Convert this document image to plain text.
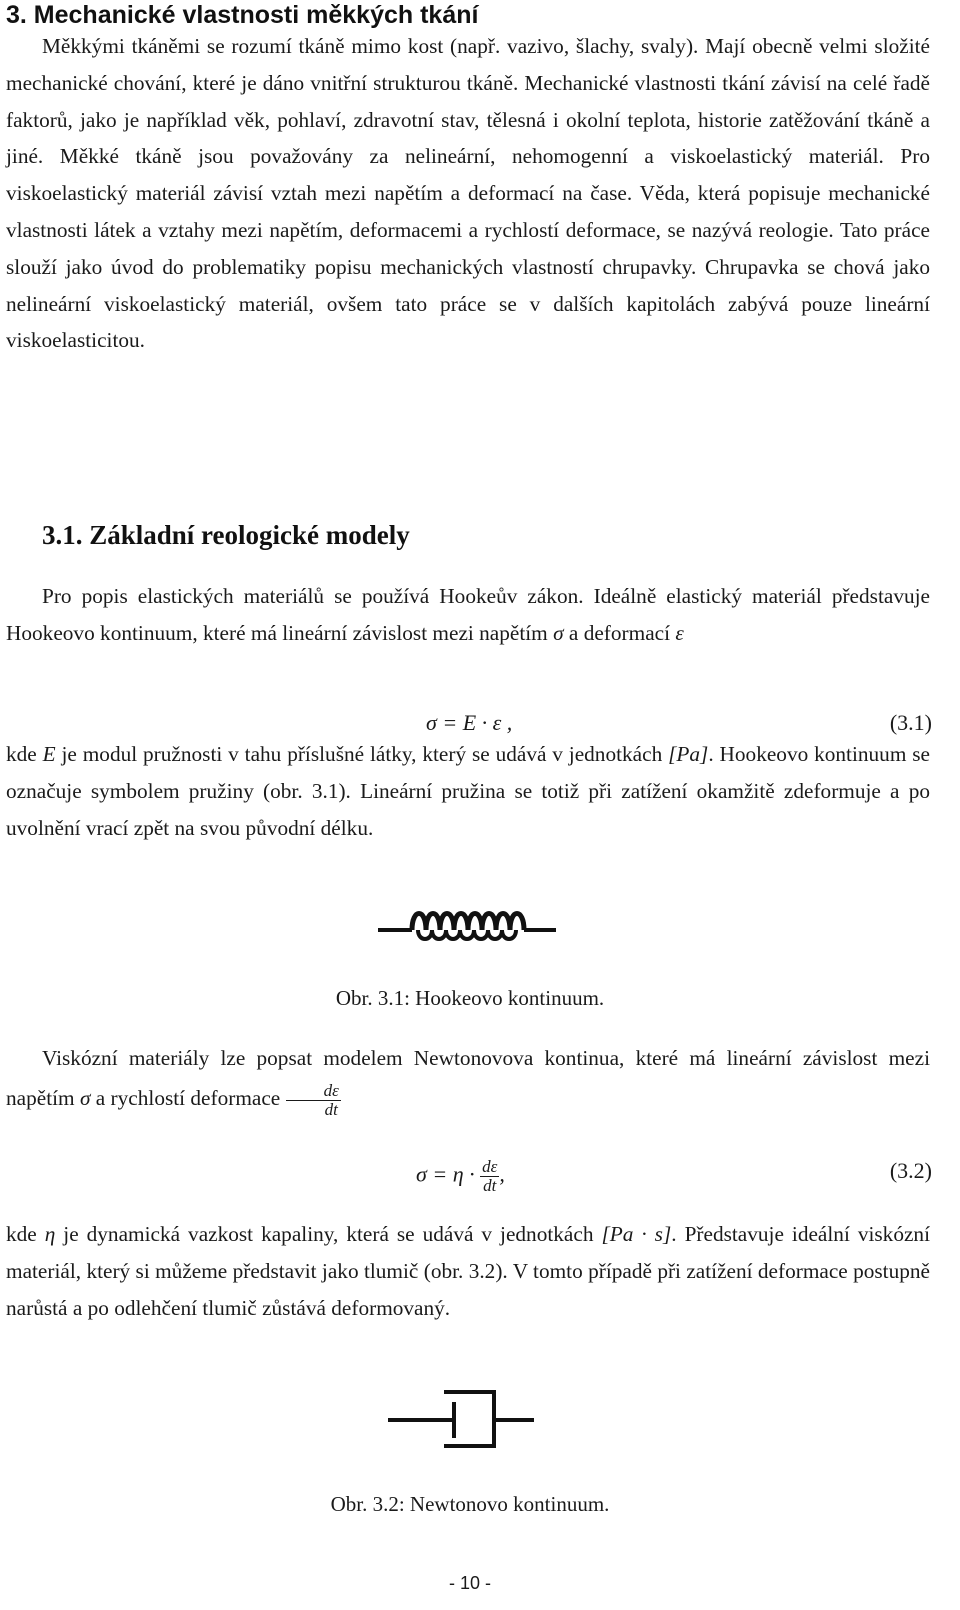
3. Mechanické vlastnosti měkkých tkání

Měkkými tkáněmi se rozumí tkáně mimo kost (např. vazivo, šlachy, svaly). Mají obecně velmi složité mechanické chování, které je dáno vnitřní strukturou tkáně. Mechanické vlastnosti tkání závisí na celé řadě faktorů, jako je například věk, pohlaví, zdravotní stav, tělesná i okolní teplota, historie zatěžování tkáně a jiné. Měkké tkáně jsou považovány za nelineární, nehomogenní a viskoelastický materiál. Pro viskoelastický materiál závisí vztah mezi napětím a deformací na čase. Věda, která popisuje mechanické vlastnosti látek a vztahy mezi napětím, deformacemi a rychlostí deformace, se nazývá reologie. Tato práce slouží jako úvod do problematiky popisu mechanických vlastností chrupavky. Chrupavka se chová jako nelineární viskoelastický materiál, ovšem tato práce se v dalších kapitolách zabývá pouze lineární viskoelasticitou.

3.1. Základní reologické modely

Pro popis elastických materiálů se používá Hookeův zákon. Ideálně elastický materiál představuje Hookeovo kontinuum, které má lineární závislost mezi napětím σ a deformací ε

σ = E · ε ,	(3.1)

kde E je modul pružnosti v tahu příslušné látky, který se udává v jednotkách [Pa]. Hookeovo kontinuum se označuje symbolem pružiny (obr. 3.1). Lineární pružina se totiž při zatížení okamžitě zdeformuje a po uvolnění vrací zpět na svou původní délku.

Obr. 3.1: Hookeovo kontinuum.

Viskózní materiály lze popsat modelem Newtonovova kontinua, které má lineární závislost mezi napětím σ a rychlostí deformace $\frac{d\varepsilon}{dt}$

$\sigma = \eta \cdot \frac{d\varepsilon}{dt}$ ,	(3.2)

kde η je dynamická vazkost kapaliny, která se udává v jednotkách [Pa · s]. Představuje ideální viskózní materiál, který si můžeme představit jako tlumič (obr. 3.2). V tomto případě při zatížení deformace postupně narůstá a po odlehčení tlumič zůstává deformovaný.

Obr. 3.2: Newtonovo kontinuum.
- 10 -
